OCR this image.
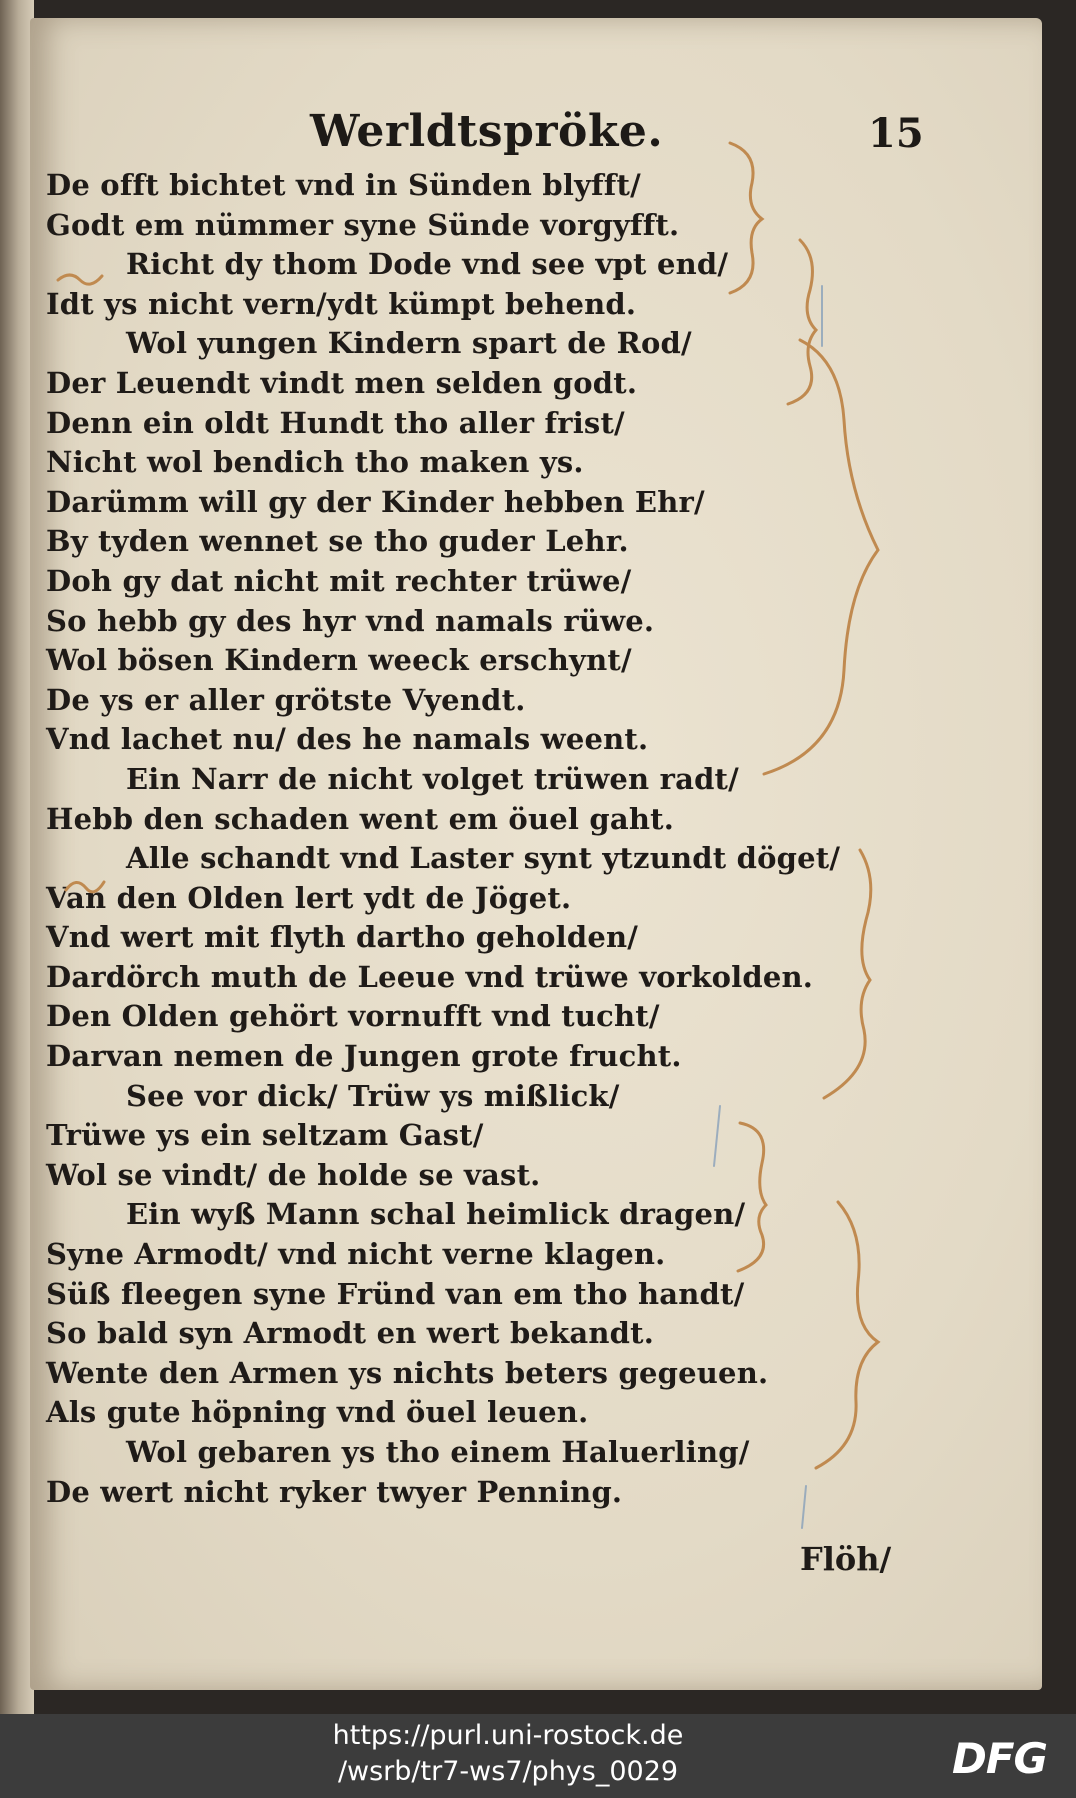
Werldtspröke.	15
De offt bichtet vnd in Sünden blyfft/
Godt em nümmer syne Sünde vorgyfft.
Richt dy thom Dode vnd see vpt end/
Idt ys nicht vern/ydt kümpt behend.
Wol yungen Kindern spart de Rod/
Der Leuendt vindt men selden godt.
Denn ein oldt Hundt tho aller frist/
Nicht wol bendich tho maken ys.
Darümm will gy der Kinder hebben Ehr/
By tyden wennet se tho guder Lehr.
Doh gy dat nicht mit rechter trüwe/
So hebb gy des hyr vnd namals rüwe.
Wol bösen Kindern weeck erschynt/
De ys er aller grötste Vyendt.
Vnd lachet nu/ des he namals weent.
Ein Narr de nicht volget trüwen radt/
Hebb den schaden went em öuel gaht.
Alle schandt vnd Laster synt ytzundt döget/
Van den Olden lert ydt de Jöget.
Vnd wert mit flyth dartho geholden/
Dardörch muth de Leeue vnd trüwe vorkolden.
Den Olden gehört vornufft vnd tucht/
Darvan nemen de Jungen grote frucht.
See vor dick/ Trüw ys mißlick/
Trüwe ys ein seltzam Gast/
Wol se vindt/ de holde se vast.
Ein wyß Mann schal heimlick dragen/
Syne Armodt/ vnd nicht verne klagen.
Süß fleegen syne Fründ van em tho handt/
So bald syn Armodt en wert bekandt.
Wente den Armen ys nichts beters gegeuen.
Als gute höpning vnd öuel leuen.
Wol gebaren ys tho einem Haluerling/
De wert nicht ryker twyer Penning.
Flöh/
https://purl.uni-rostock.de
/wsrb/tr7-ws7/phys_0029	DFG
